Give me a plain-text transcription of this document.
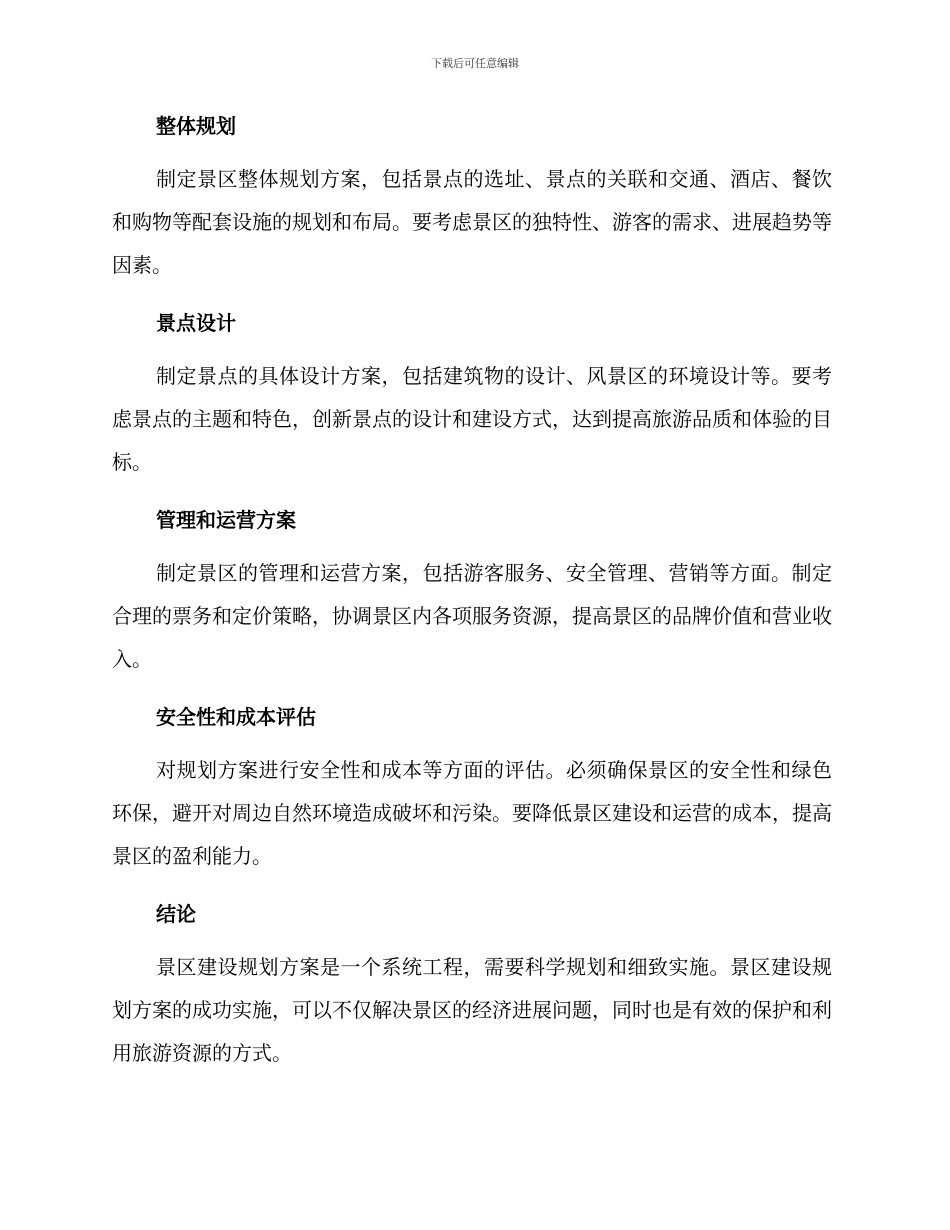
下载后可任意编辑
整体规划

制定景区整体规划方案，包括景点的选址、景点的关联和交通、酒店、餐饮和购物等配套设施的规划和布局。要考虑景区的独特性、游客的需求、进展趋势等因素。

景点设计

制定景点的具体设计方案，包括建筑物的设计、风景区的环境设计等。要考虑景点的主题和特色，创新景点的设计和建设方式，达到提高旅游品质和体验的目标。

管理和运营方案

制定景区的管理和运营方案，包括游客服务、安全管理、营销等方面。制定合理的票务和定价策略，协调景区内各项服务资源，提高景区的品牌价值和营业收入。

安全性和成本评估

对规划方案进行安全性和成本等方面的评估。必须确保景区的安全性和绿色环保，避开对周边自然环境造成破坏和污染。要降低景区建设和运营的成本，提高景区的盈利能力。

结论

景区建设规划方案是一个系统工程，需要科学规划和细致实施。景区建设规划方案的成功实施，可以不仅解决景区的经济进展问题，同时也是有效的保护和利用旅游资源的方式。
